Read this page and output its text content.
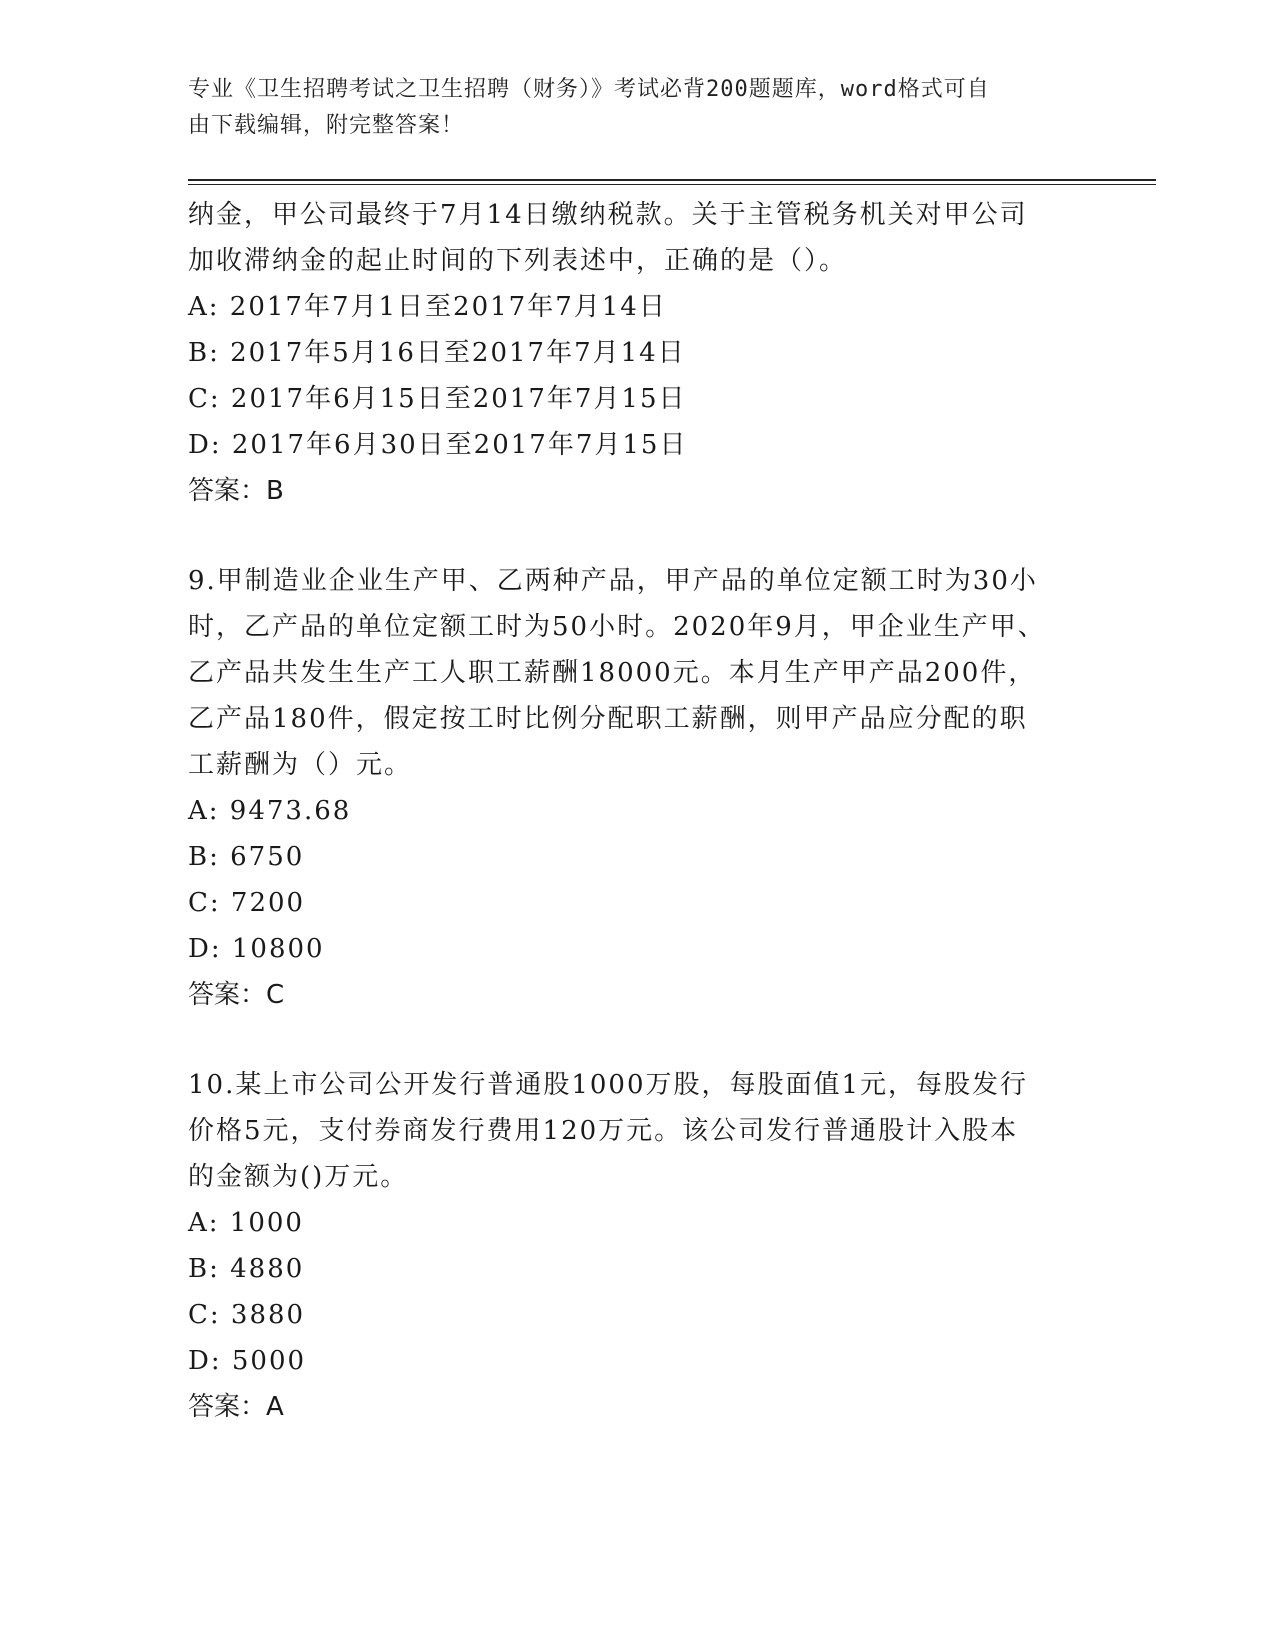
专业《卫生招聘考试之卫生招聘（财务）》考试必背200题题库，word格式可自
由下载编辑，附完整答案！

纳金，甲公司最终于7月14日缴纳税款。关于主管税务机关对甲公司

加收滞纳金的起止时间的下列表述中，正确的是（）。

A: 2017年7月1日至2017年7月14日

B: 2017年5月16日至2017年7月14日

C: 2017年6月15日至2017年7月15日

D: 2017年6月30日至2017年7月15日

答案：B

9.甲制造业企业生产甲、乙两种产品，甲产品的单位定额工时为30小

时，乙产品的单位定额工时为50小时。2020年9月，甲企业生产甲、

乙产品共发生生产工人职工薪酬18000元。本月生产甲产品200件，

乙产品180件，假定按工时比例分配职工薪酬，则甲产品应分配的职

工薪酬为（）元。

A: 9473.68

B: 6750

C: 7200

D: 10800

答案：C

10.某上市公司公开发行普通股1000万股，每股面值1元，每股发行

价格5元，支付券商发行费用120万元。该公司发行普通股计入股本

的金额为()万元。

A: 1000

B: 4880

C: 3880

D: 5000

答案：A
